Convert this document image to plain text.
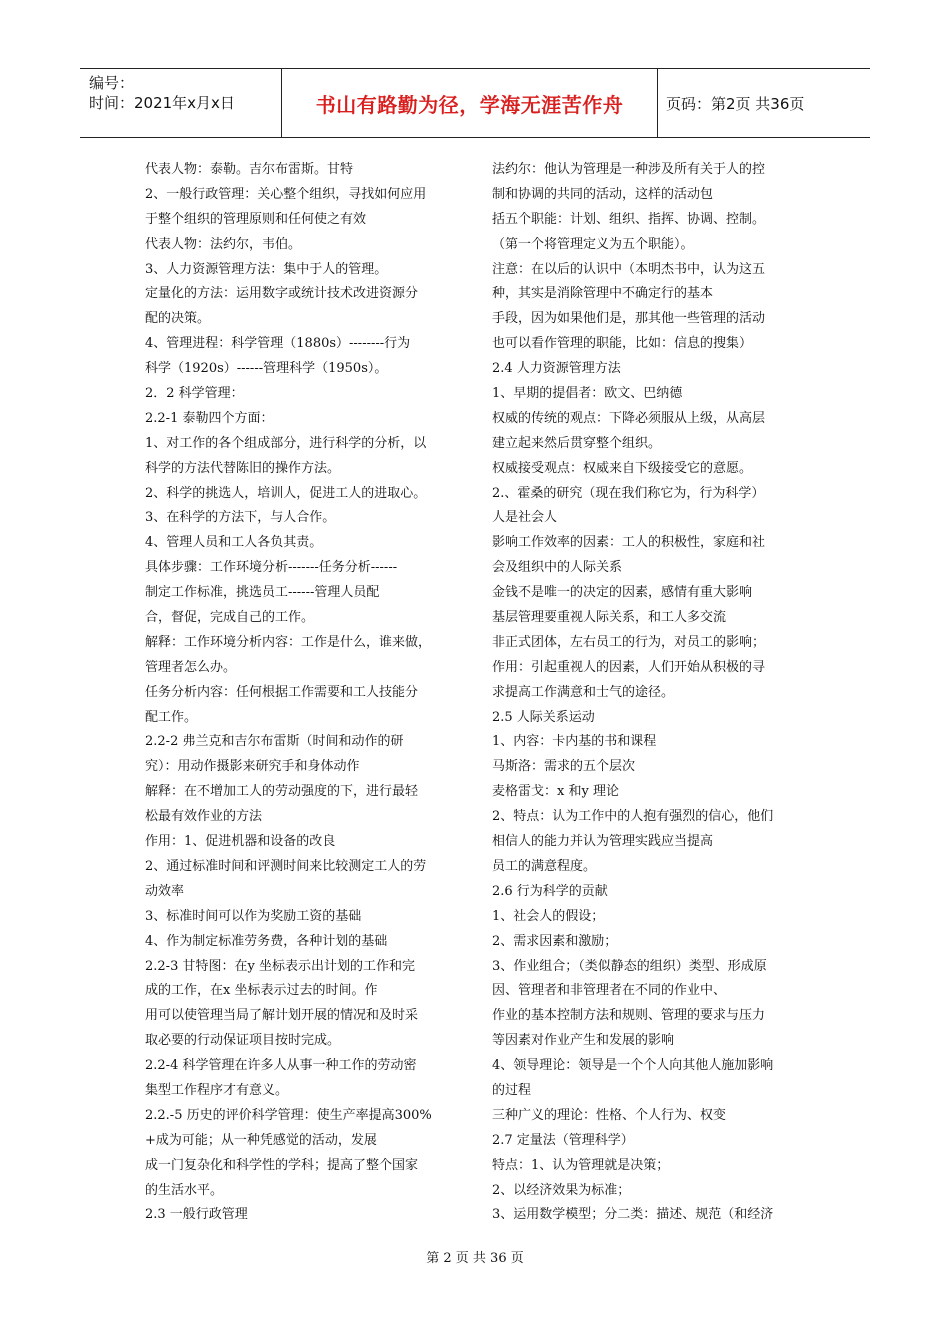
编号：
时间：2021年x月x日	书山有路勤为径，学海无涯苦作舟	页码：第2页 共36页
代表人物：泰勒。吉尔布雷斯。甘特
2、一般行政管理：关心整个组织，寻找如何应用
于整个组织的管理原则和任何使之有效
代表人物：法约尔，韦伯。
3、人力资源管理方法：集中于人的管理。
定量化的方法：运用数字或统计技术改进资源分
配的决策。
4、管理进程：科学管理（1880s）--------行为
科学（1920s）------管理科学（1950s）。
2．2 科学管理：
2.2-1 泰勒四个方面：
1、对工作的各个组成部分，进行科学的分析，以
科学的方法代替陈旧的操作方法。
2、科学的挑选人，培训人，促进工人的进取心。
3、在科学的方法下，与人合作。
4、管理人员和工人各负其责。
具体步骤：工作环境分析-------任务分析------
制定工作标准，挑选员工------管理人员配
合，督促，完成自己的工作。
解释：工作环境分析内容：工作是什么，谁来做，
管理者怎么办。
任务分析内容：任何根据工作需要和工人技能分
配工作。
2.2-2 弗兰克和吉尔布雷斯（时间和动作的研
究）：用动作摄影来研究手和身体动作
解释：在不增加工人的劳动强度的下，进行最轻
松最有效作业的方法
作用：1、促进机器和设备的改良
2、通过标准时间和评测时间来比较测定工人的劳
动效率
3、标准时间可以作为奖励工资的基础
4、作为制定标准劳务费，各种计划的基础
2.2-3 甘特图：在y 坐标表示出计划的工作和完
成的工作，在x 坐标表示过去的时间。作
用可以使管理当局了解计划开展的情况和及时采
取必要的行动保证项目按时完成。
2.2-4 科学管理在许多人从事一种工作的劳动密
集型工作程序才有意义。
2.2.-5 历史的评价科学管理：使生产率提高300%
+成为可能；从一种凭感觉的活动，发展
成一门复杂化和科学性的学科；提高了整个国家
的生活水平。
2.3 一般行政管理
法约尔：他认为管理是一种涉及所有关于人的控
制和协调的共同的活动，这样的活动包
括五个职能：计划、组织、指挥、协调、控制。
（第一个将管理定义为五个职能）。
注意：在以后的认识中（本明杰书中，认为这五
种，其实是消除管理中不确定行的基本
手段，因为如果他们是，那其他一些管理的活动
也可以看作管理的职能，比如：信息的搜集）
2.4 人力资源管理方法
1、早期的提倡者：欧文、巴纳德
权威的传统的观点：下降必须服从上级，从高层
建立起来然后贯穿整个组织。
权威接受观点：权威来自下级接受它的意愿。
2.、霍桑的研究（现在我们称它为，行为科学）
人是社会人
影响工作效率的因素：工人的积极性，家庭和社
会及组织中的人际关系
金钱不是唯一的决定的因素，感情有重大影响
基层管理要重视人际关系，和工人多交流
非正式团体，左右员工的行为，对员工的影响；
作用：引起重视人的因素，人们开始从积极的寻
求提高工作满意和士气的途径。
2.5 人际关系运动
1、内容：卡内基的书和课程
马斯洛：需求的五个层次
麦格雷戈：x 和y 理论
2、特点：认为工作中的人抱有强烈的信心，他们
相信人的能力并认为管理实践应当提高
员工的满意程度。
2.6 行为科学的贡献
1、社会人的假设；
2、需求因素和激励；
3、作业组合；（类似静态的组织）类型、形成原
因、管理者和非管理者在不同的作业中、
作业的基本控制方法和规则、管理的要求与压力
等因素对作业产生和发展的影响
4、领导理论：领导是一个个人向其他人施加影响
的过程
三种广义的理论：性格、个人行为、权变
2.7 定量法（管理科学）
特点：1、认为管理就是决策；
2、以经济效果为标准；
3、运用数学模型；分二类：描述、规范（和经济
第 2 页 共 36 页
